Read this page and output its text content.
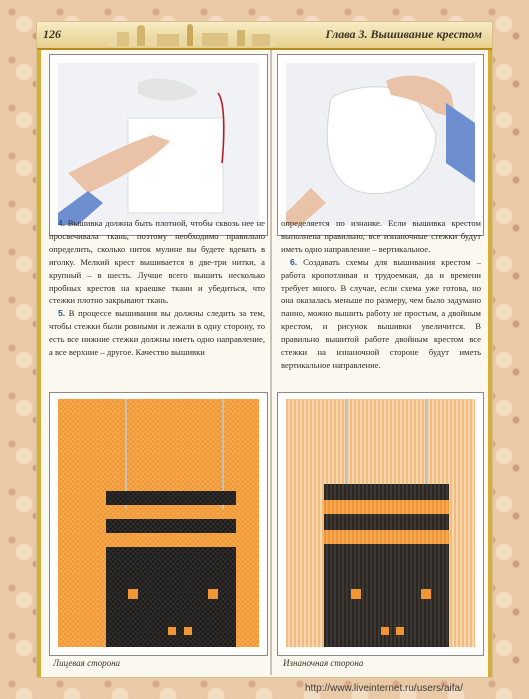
126	Глава 3. Вышивание крестом

4. Вышивка должна быть плотной, чтобы сквозь нее не просвечивала ткань, поэтому необходимо правильно определить, сколько ниток мулине вы будете вдевать в иголку. Мелкий крест вышивается в две-три нитки, а крупный – в шесть. Лучше всего вышить несколько пробных крестов на краешке ткани и убедиться, что стежки плотно закрывают ткань.

5. В процессе вышивания вы должны следить за тем, чтобы стежки были ровными и лежали в одну сторону, то есть все нижние стежки должны иметь одно направление, а все верхние – другое. Качество вышивки

определяется по изнанке. Если вышивка крестом выполнена правильно, все изнаночные стежки будут иметь одно направление – вертикальное.

6. Создавать схемы для вышивания крестом – работа кропотливая и трудоемкая, да и времени требует много. В случае, если схема уже готова, но она оказалась меньше по размеру, чем было задумано панно, можно вышить работу не простым, а двойным крестом, и рисунок вышивки увеличится. В правильно вышитой работе двойным крестом все стежки на изнаночной стороне будут иметь вертикальное направление.

Лицевая сторона	Изнаночная сторона
http://www.liveinternet.ru/users/aifa/
